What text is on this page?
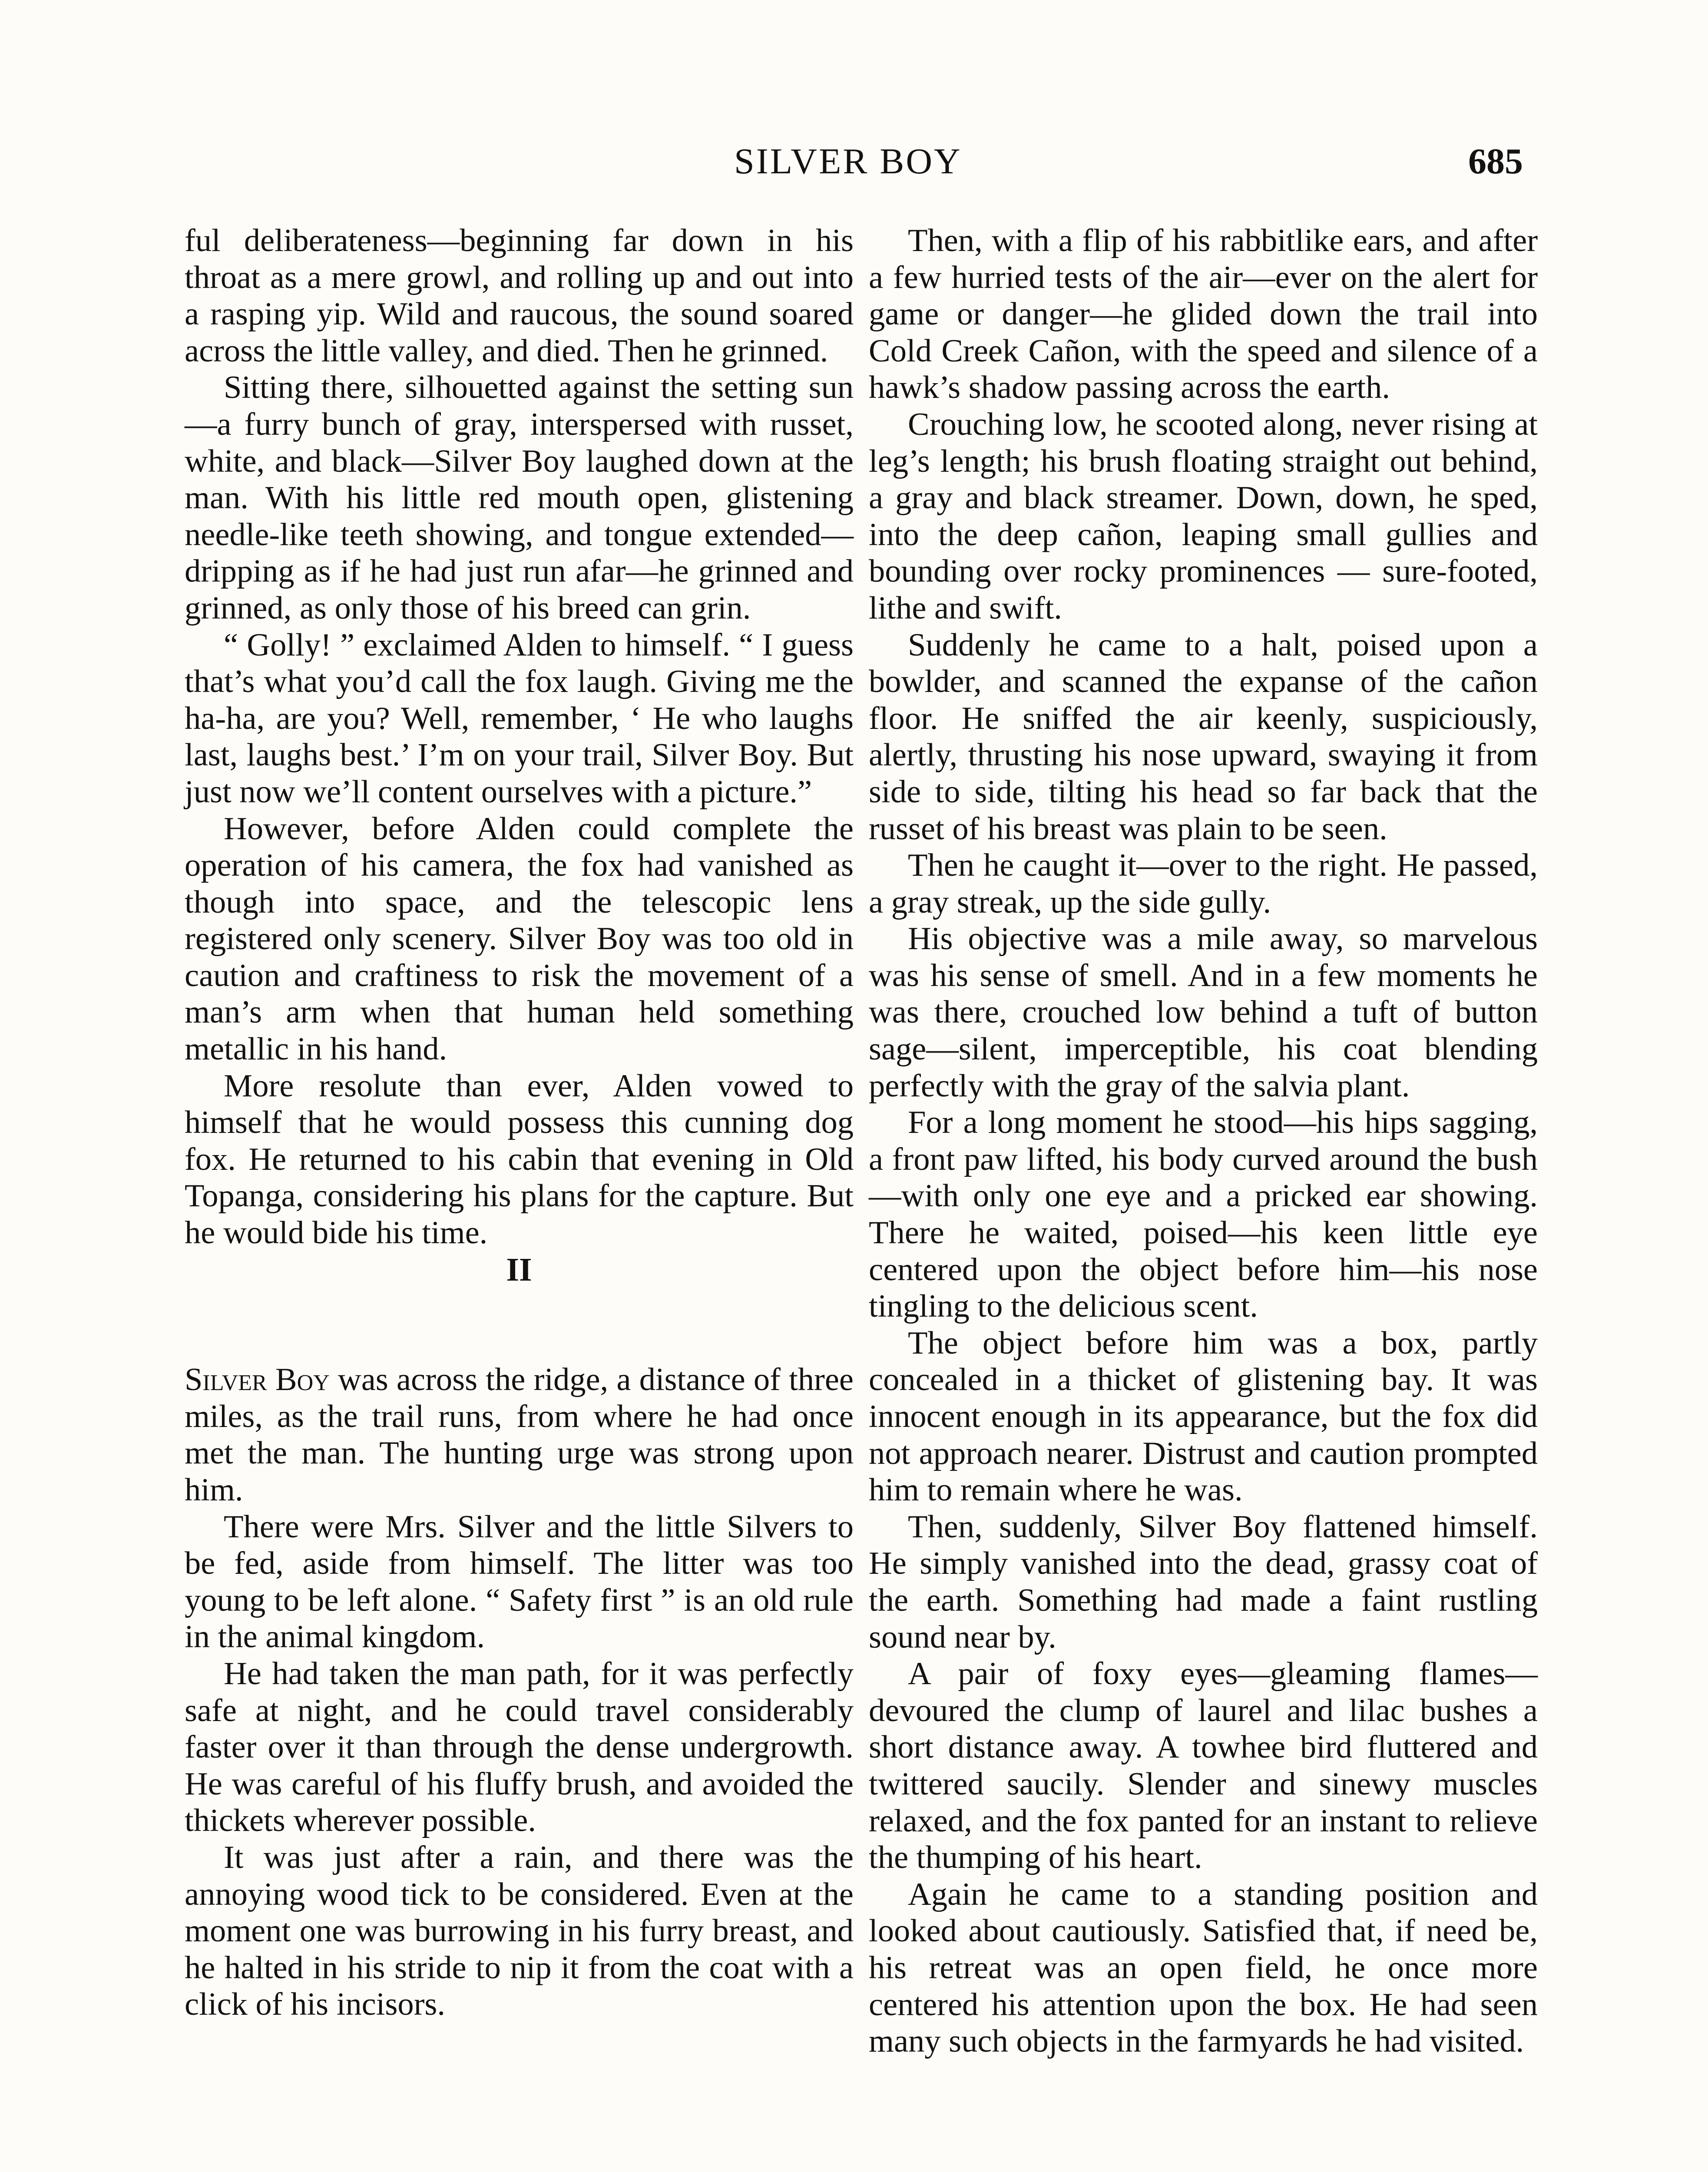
SILVER BOY	685

ful deliberateness—beginning far down in his throat as a mere growl, and rolling up and out into a rasping yip. Wild and raucous, the sound soared across the little valley, and died. Then he grinned.

Sitting there, silhouetted against the setting sun—a furry bunch of gray, interspersed with russet, white, and black—Silver Boy laughed down at the man. With his little red mouth open, glistening needle-like teeth showing, and tongue extended—dripping as if he had just run afar—he grinned and grinned, as only those of his breed can grin.

“ Golly! ” exclaimed Alden to himself. “ I guess that’s what you’d call the fox laugh. Giving me the ha-ha, are you? Well, remember, ‘ He who laughs last, laughs best.’ I’m on your trail, Silver Boy. But just now we’ll content ourselves with a picture.”

However, before Alden could complete the operation of his camera, the fox had vanished as though into space, and the telescopic lens registered only scenery. Silver Boy was too old in caution and craftiness to risk the movement of a man’s arm when that human held something metallic in his hand.

More resolute than ever, Alden vowed to himself that he would possess this cunning dog fox. He returned to his cabin that evening in Old Topanga, considering his plans for the capture. But he would bide his time.

II

Silver Boy was across the ridge, a distance of three miles, as the trail runs, from where he had once met the man. The hunting urge was strong upon him.

There were Mrs. Silver and the little Silvers to be fed, aside from himself. The litter was too young to be left alone. “ Safety first ” is an old rule in the animal kingdom.

He had taken the man path, for it was perfectly safe at night, and he could travel considerably faster over it than through the dense undergrowth. He was careful of his fluffy brush, and avoided the thickets wherever possible.

It was just after a rain, and there was the annoying wood tick to be considered. Even at the moment one was burrowing in his furry breast, and he halted in his stride to nip it from the coat with a click of his incisors.

Then, with a flip of his rabbitlike ears, and after a few hurried tests of the air—ever on the alert for game or danger—he glided down the trail into Cold Creek Cañon, with the speed and silence of a hawk’s shadow passing across the earth.

Crouching low, he scooted along, never rising at leg’s length; his brush floating straight out behind, a gray and black streamer. Down, down, he sped, into the deep cañon, leaping small gullies and bounding over rocky prominences — sure-footed, lithe and swift.

Suddenly he came to a halt, poised upon a bowlder, and scanned the expanse of the cañon floor. He sniffed the air keenly, suspiciously, alertly, thrusting his nose upward, swaying it from side to side, tilting his head so far back that the russet of his breast was plain to be seen.

Then he caught it—over to the right. He passed, a gray streak, up the side gully.

His objective was a mile away, so marvelous was his sense of smell. And in a few moments he was there, crouched low behind a tuft of button sage—silent, imperceptible, his coat blending perfectly with the gray of the salvia plant.

For a long moment he stood—his hips sagging, a front paw lifted, his body curved around the bush—with only one eye and a pricked ear showing. There he waited, poised—his keen little eye centered upon the object before him—his nose tingling to the delicious scent.

The object before him was a box, partly concealed in a thicket of glistening bay. It was innocent enough in its appearance, but the fox did not approach nearer. Distrust and caution prompted him to remain where he was.

Then, suddenly, Silver Boy flattened himself. He simply vanished into the dead, grassy coat of the earth. Something had made a faint rustling sound near by.

A pair of foxy eyes—gleaming flames—devoured the clump of laurel and lilac bushes a short distance away. A towhee bird fluttered and twittered saucily. Slender and sinewy muscles relaxed, and the fox panted for an instant to relieve the thumping of his heart.

Again he came to a standing position and looked about cautiously. Satisfied that, if need be, his retreat was an open field, he once more centered his attention upon the box. He had seen many such objects in the farmyards he had visited.
